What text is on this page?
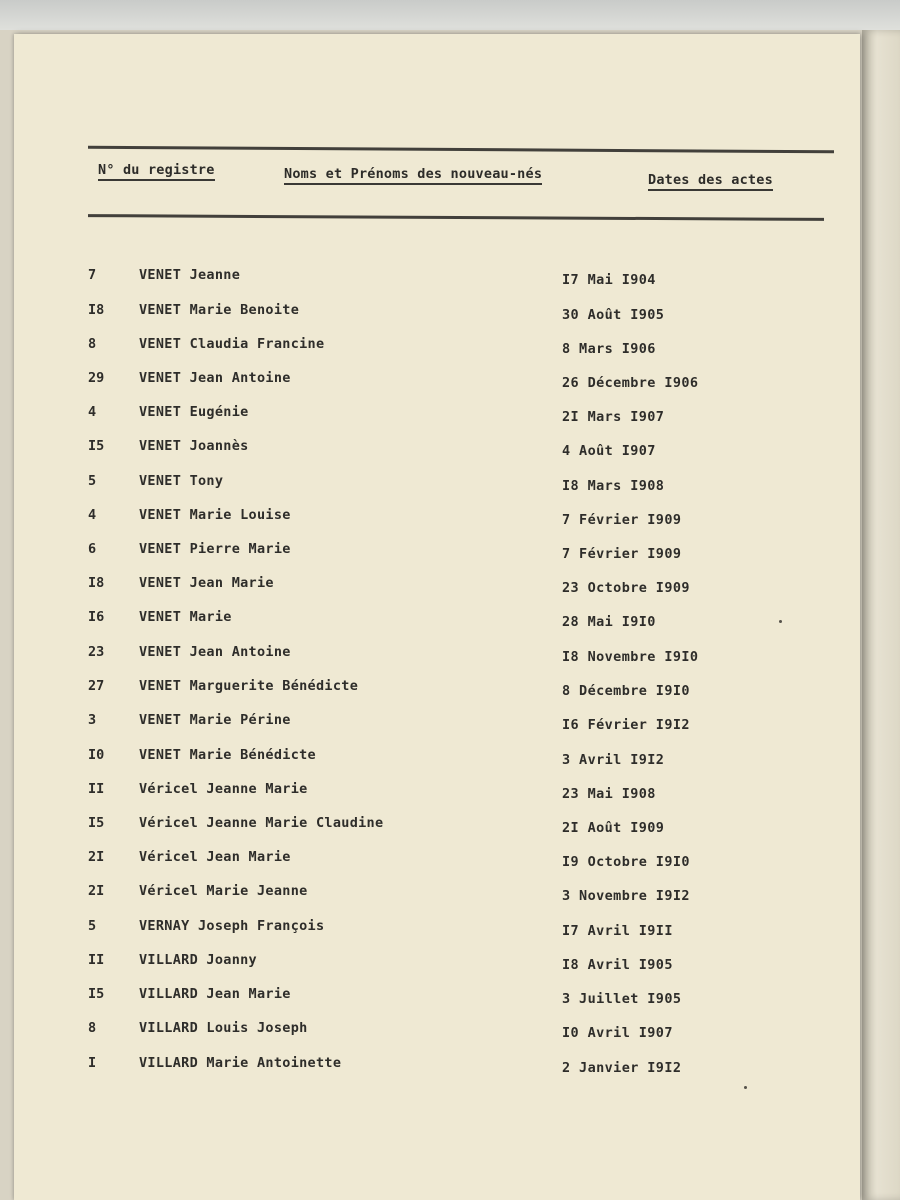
N° du registre	Noms et Prénoms des nouveau-nés	Dates des actes
7	VENET Jeanne	I7 Mai I904
I8	VENET Marie Benoite	30 Août I905
8	VENET Claudia Francine	8 Mars I906
29	VENET Jean Antoine	26 Décembre I906
4	VENET Eugénie	2I Mars I907
I5	VENET Joannès	4 Août I907
5	VENET Tony	I8 Mars I908
4	VENET Marie Louise	7 Février I909
6	VENET Pierre Marie	7 Février I909
I8	VENET Jean Marie	23 Octobre I909
I6	VENET Marie	28 Mai I9I0
23	VENET Jean Antoine	I8 Novembre I9I0
27	VENET Marguerite Bénédicte	8 Décembre I9I0
3	VENET Marie Périne	I6 Février I9I2
I0	VENET Marie Bénédicte	3 Avril I9I2
II	Véricel Jeanne Marie	23 Mai I908
I5	Véricel Jeanne Marie Claudine	2I Août I909
2I	Véricel Jean Marie	I9 Octobre I9I0
2I	Véricel Marie Jeanne	3 Novembre I9I2
5	VERNAY Joseph François	I7 Avril I9II
II	VILLARD Joanny	I8 Avril I905
I5	VILLARD Jean Marie	3 Juillet I905
8	VILLARD Louis Joseph	I0 Avril I907
I	VILLARD Marie Antoinette	2 Janvier I9I2
